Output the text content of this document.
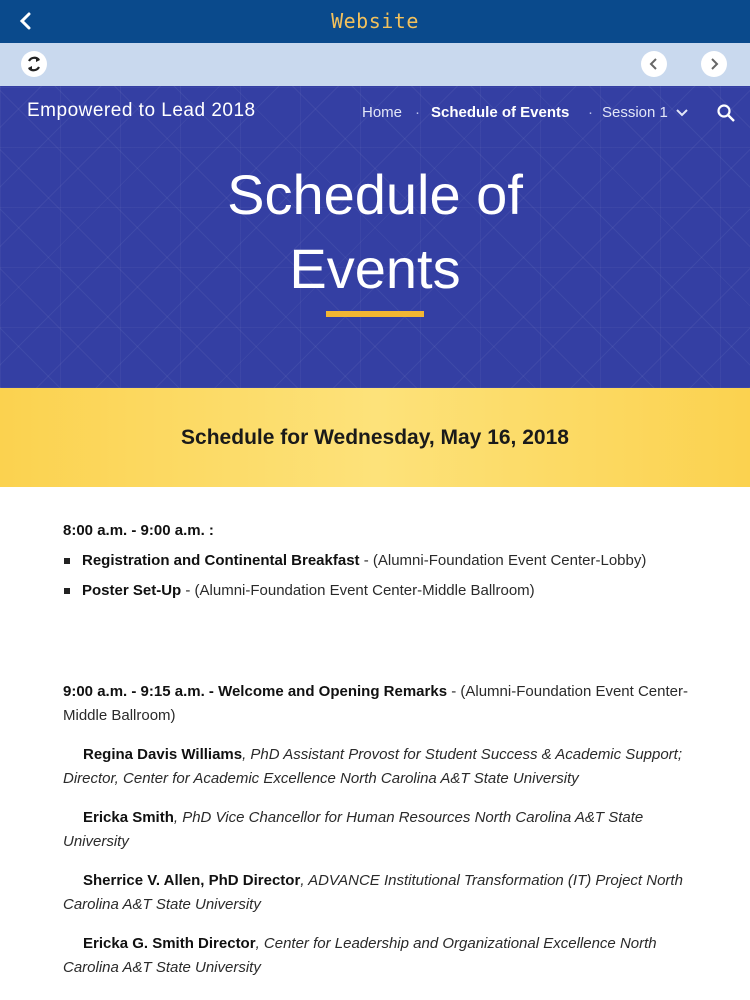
Website
Empowered to Lead 2018	Home · Schedule of Events · Session 1
Schedule of
Events
Schedule for Wednesday, May 16, 2018
8:00 a.m. - 9:00 a.m. :
Registration and Continental Breakfast - (Alumni-Foundation Event Center-Lobby)
Poster Set-Up - (Alumni-Foundation Event Center-Middle Ballroom)
9:00 a.m. - 9:15 a.m. - Welcome and Opening Remarks - (Alumni-Foundation Event Center-Middle Ballroom)
Regina Davis Williams, PhD Assistant Provost for Student Success & Academic Support; Director, Center for Academic Excellence North Carolina A&T State University
Ericka Smith, PhD Vice Chancellor for Human Resources North Carolina A&T State University
Sherrice V. Allen, PhD Director, ADVANCE Institutional Transformation (IT) Project North Carolina A&T State University
Ericka G. Smith Director, Center for Leadership and Organizational Excellence North Carolina A&T State University
